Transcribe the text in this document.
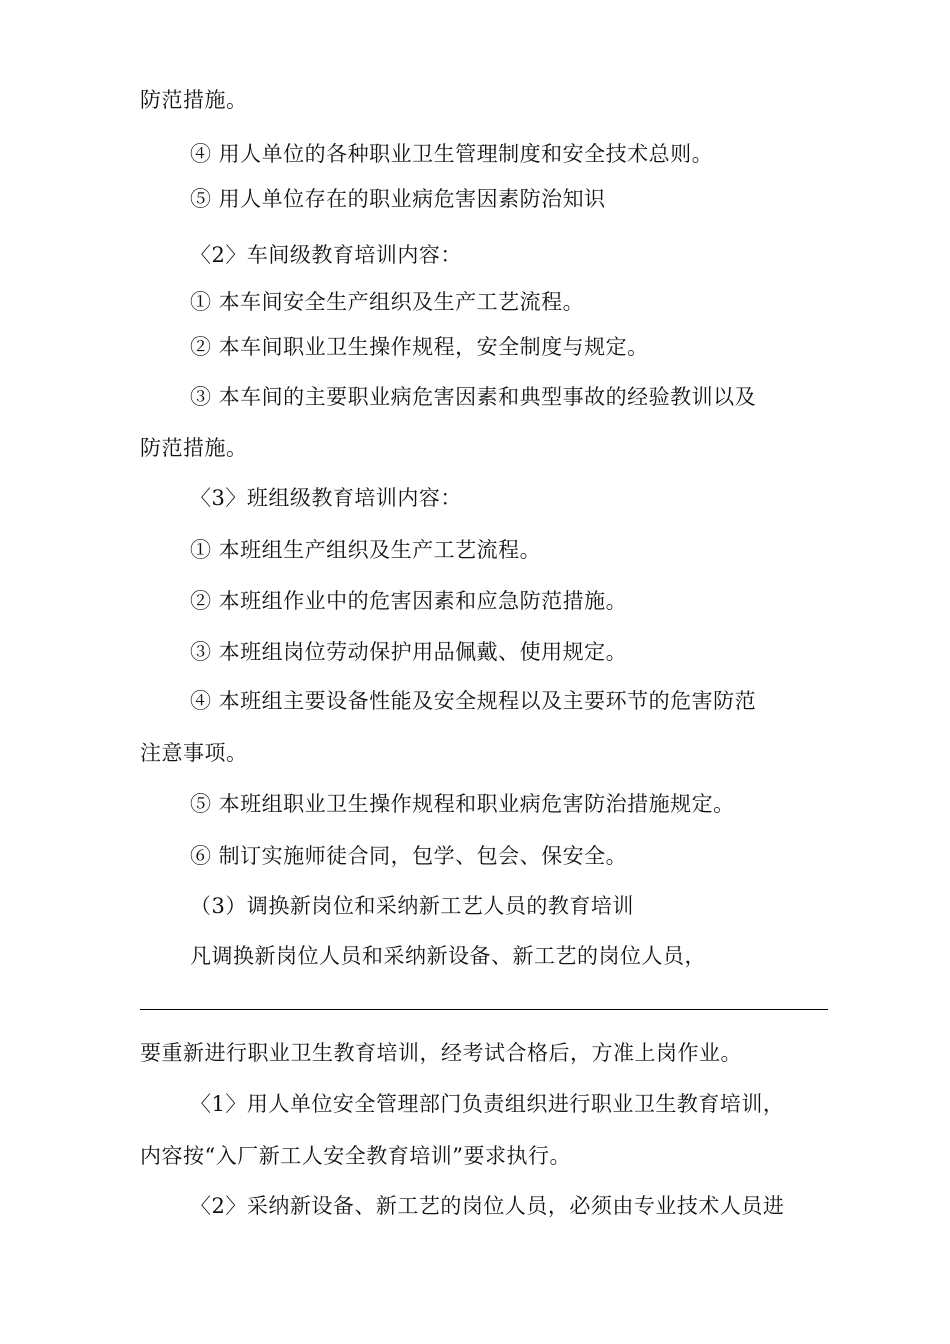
防范措施。
④ 用人单位的各种职业卫生管理制度和安全技术总则。
⑤ 用人单位存在的职业病危害因素防治知识
〈2〉车间级教育培训内容：
① 本车间安全生产组织及生产工艺流程。
② 本车间职业卫生操作规程，安全制度与规定。
③ 本车间的主要职业病危害因素和典型事故的经验教训以及
防范措施。
〈3〉班组级教育培训内容：
① 本班组生产组织及生产工艺流程。
② 本班组作业中的危害因素和应急防范措施。
③ 本班组岗位劳动保护用品佩戴、使用规定。
④ 本班组主要设备性能及安全规程以及主要环节的危害防范
注意事项。
⑤ 本班组职业卫生操作规程和职业病危害防治措施规定。
⑥ 制订实施师徒合同，包学、包会、保安全。
（3）调换新岗位和采纳新工艺人员的教育培训
凡调换新岗位人员和采纳新设备、新工艺的岗位人员，
要重新进行职业卫生教育培训，经考试合格后，方准上岗作业。
〈1〉用人单位安全管理部门负责组织进行职业卫生教育培训，
内容按“入厂新工人安全教育培训”要求执行。
〈2〉采纳新设备、新工艺的岗位人员，必须由专业技术人员进
